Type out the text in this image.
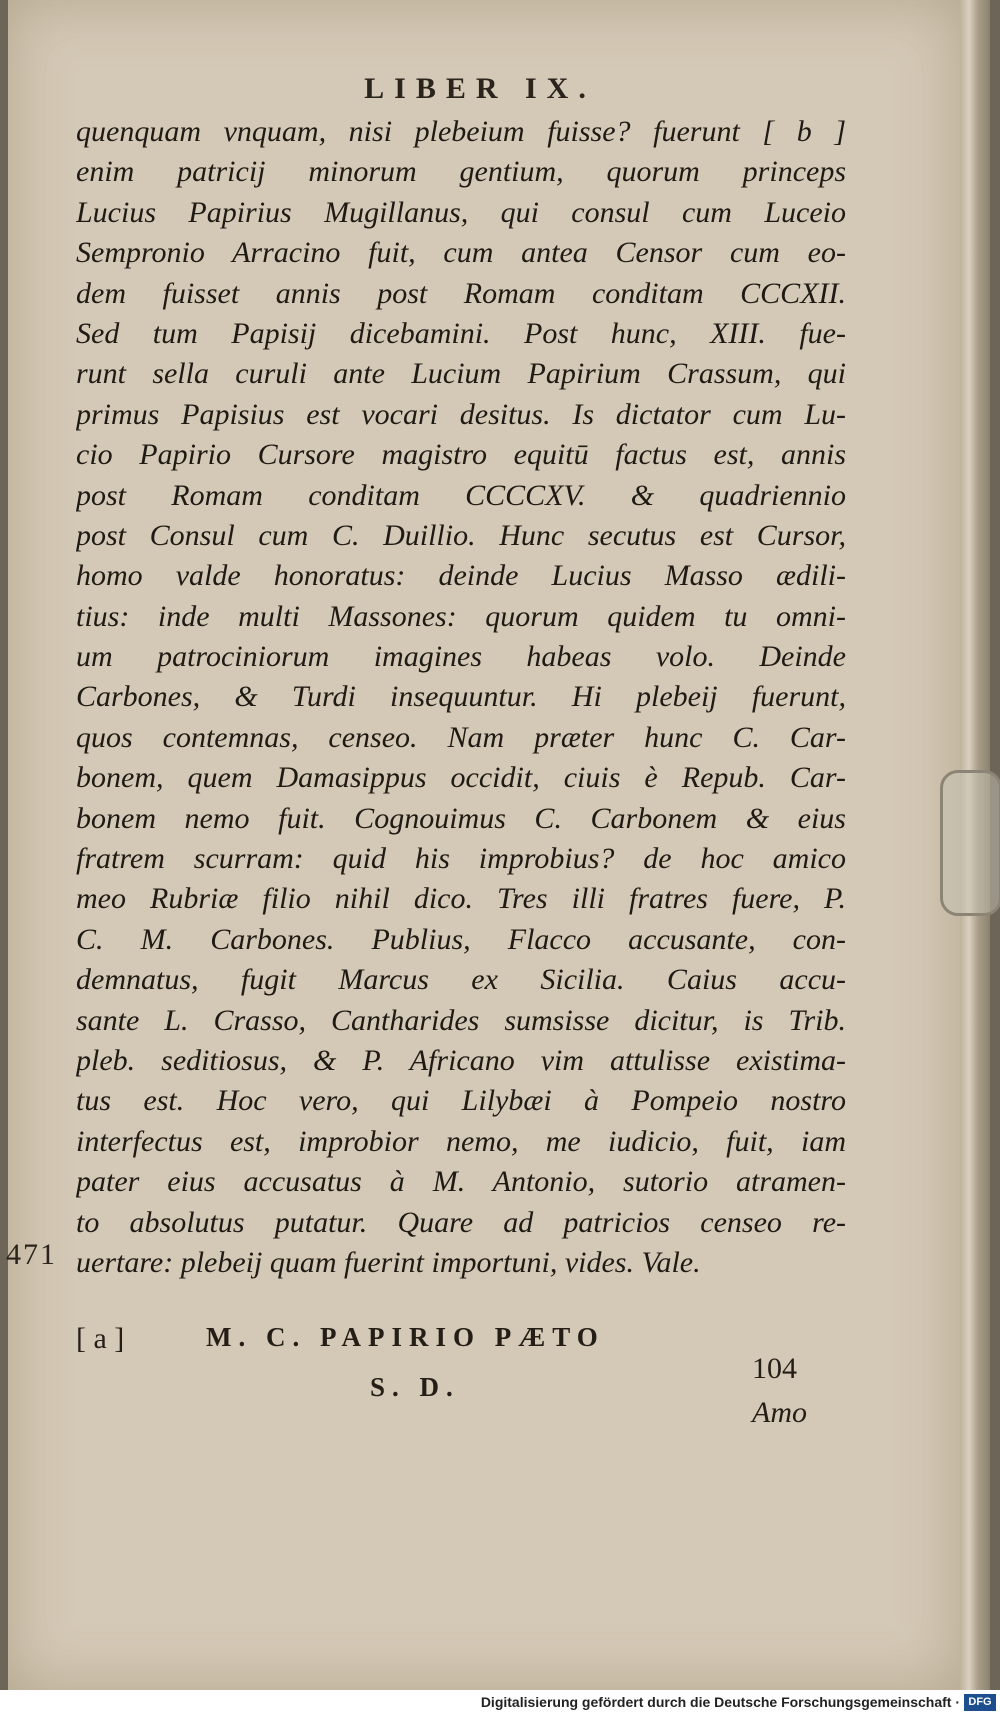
LIBER IX.
quenquam vnquam, nisi plebeium fuisse? fuerunt [ b ]
enim patricij minorum gentium, quorum princeps
Lucius Papirius Mugillanus, qui consul cum Luceio
Sempronio Arracino fuit, cum antea Censor cum eo-
dem fuisset annis post Romam conditam CCCXII.
Sed tum Papisij dicebamini. Post hunc, XIII. fue-
runt sella curuli ante Lucium Papirium Crassum, qui
primus Papisius est vocari desitus. Is dictator cum Lu-
cio Papirio Cursore magistro equitū factus est, annis
post Romam conditam CCCCXV. & quadriennio
post Consul cum C. Duillio. Hunc secutus est Cursor,
homo valde honoratus: deinde Lucius Masso ædili-
tius: inde multi Massones: quorum quidem tu omni-
um patrociniorum imagines habeas volo. Deinde
Carbones, & Turdi insequuntur. Hi plebeij fuerunt,
quos contemnas, censeo. Nam præter hunc C. Car-
bonem, quem Damasippus occidit, ciuis è Repub. Car-
bonem nemo fuit. Cognouimus C. Carbonem & eius
fratrem scurram: quid his improbius? de hoc amico
meo Rubriæ filio nihil dico. Tres illi fratres fuere, P.
C. M. Carbones. Publius, Flacco accusante, con-
demnatus, fugit Marcus ex Sicilia. Caius accu-
sante L. Crasso, Cantharides sumsisse dicitur, is Trib.
pleb. seditiosus, & P. Africano vim attulisse existima-
tus est. Hoc vero, qui Lilybæi à Pompeio nostro
interfectus est, improbior nemo, me iudicio, fuit, iam
pater eius accusatus à M. Antonio, sutorio atramen-
to absolutus putatur. Quare ad patricios censeo re-
uertare: plebeij quam fuerint importuni, vides. Vale.
471
[ a ]	M. C. PAPIRIO PÆTO
S. D.
104
Amo
Digitalisierung gefördert durch die Deutsche Forschungsgemeinschaft · DFG
